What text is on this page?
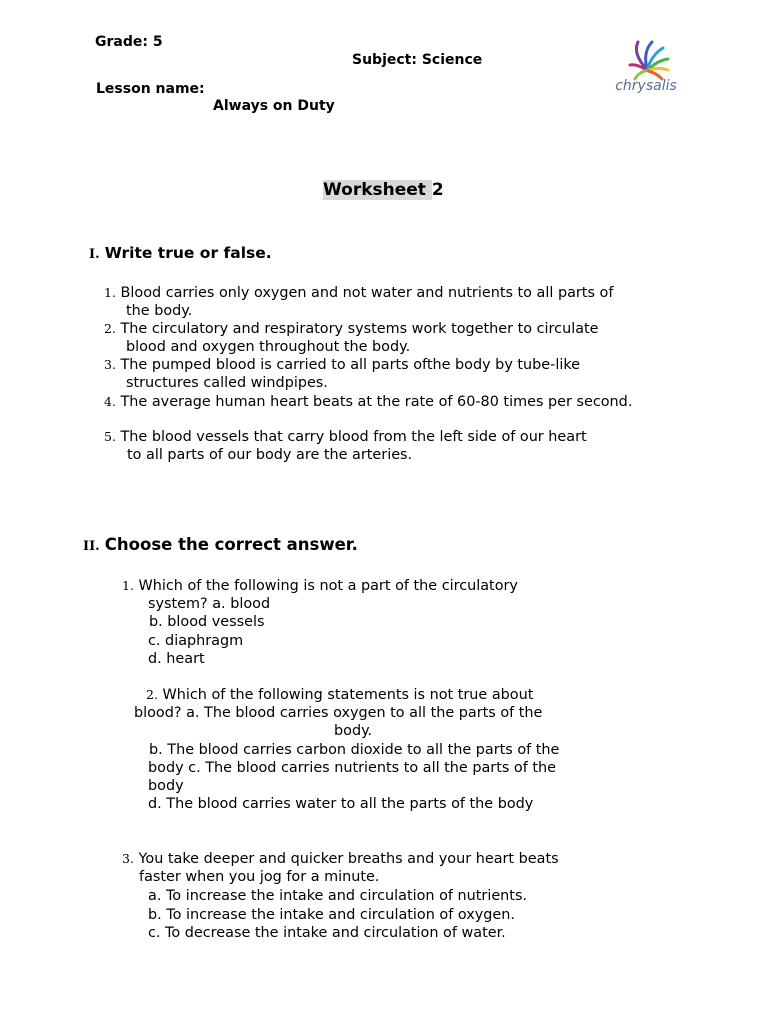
Grade: 5
Subject: Science
Lesson name:
Always on Duty
chrysalis
Worksheet 2
I. Write true or false.
1. Blood carries only oxygen and not water and nutrients to all parts of
the body.
2. The circulatory and respiratory systems work together to circulate
blood and oxygen throughout the body.
3. The pumped blood is carried to all parts ofthe body by tube-like
structures called windpipes.
4. The average human heart beats at the rate of 60-80 times per second.
5. The blood vessels that carry blood from the left side of our heart
to all parts of our body are the arteries.
II. Choose the correct answer.
1. Which of the following is not a part of the circulatory
system? a. blood
b. blood vessels
c. diaphragm
d. heart
2. Which of the following statements is not true about
blood? a. The blood carries oxygen to all the parts of the
body.
b. The blood carries carbon dioxide to all the parts of the
body c. The blood carries nutrients to all the parts of the
body
d. The blood carries water to all the parts of the body
3. You take deeper and quicker breaths and your heart beats
faster when you jog for a minute.
a. To increase the intake and circulation of nutrients.
b. To increase the intake and circulation of oxygen.
c. To decrease the intake and circulation of water.
